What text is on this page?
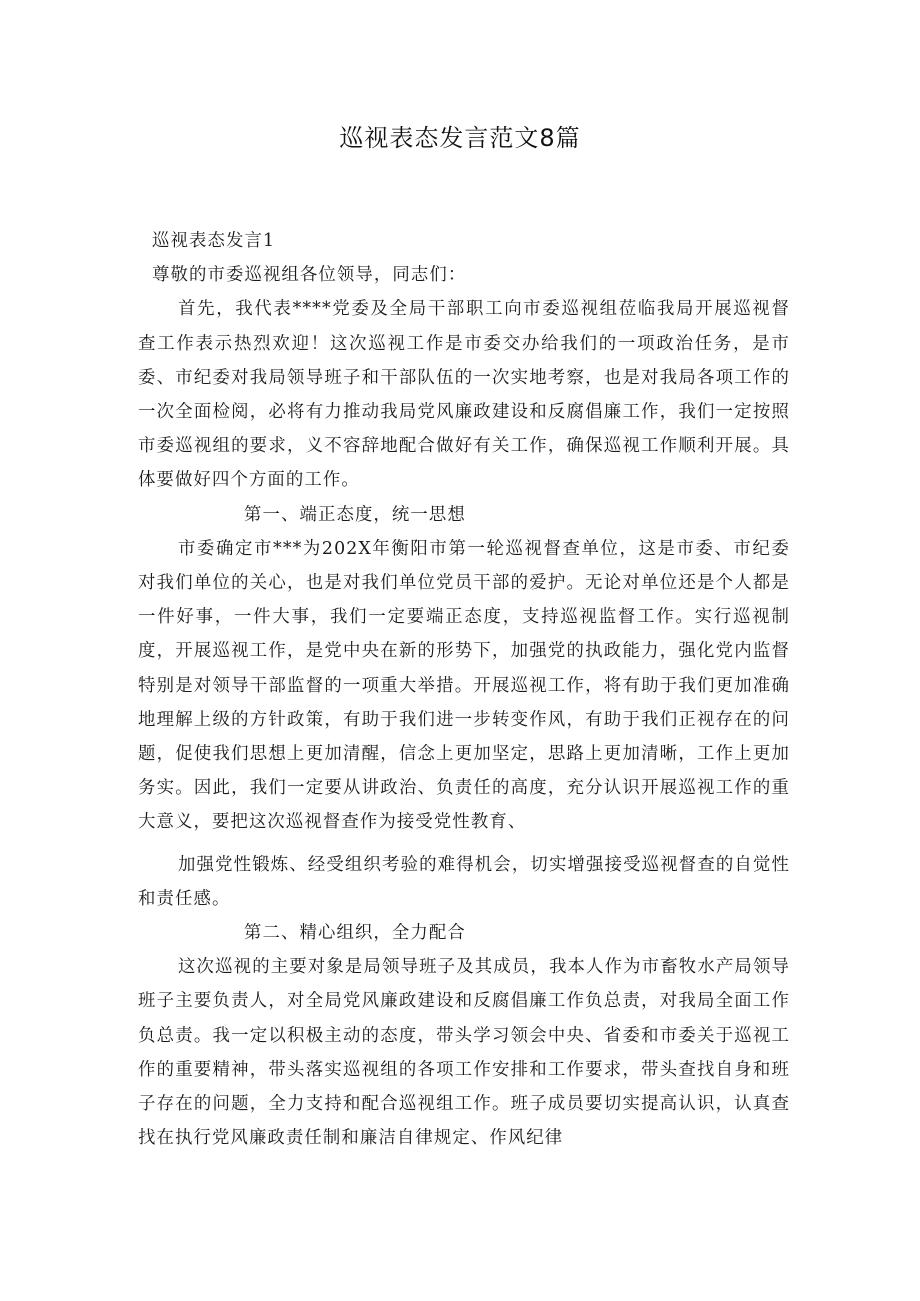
巡视表态发言范文8篇

巡视表态发言1

尊敬的市委巡视组各位领导，同志们：

首先，我代表****党委及全局干部职工向市委巡视组莅临我局开展巡视督查工作表示热烈欢迎！这次巡视工作是市委交办给我们的一项政治任务，是市委、市纪委对我局领导班子和干部队伍的一次实地考察，也是对我局各项工作的一次全面检阅，必将有力推动我局党风廉政建设和反腐倡廉工作，我们一定按照市委巡视组的要求，义不容辞地配合做好有关工作，确保巡视工作顺利开展。具体要做好四个方面的工作。

第一、端正态度，统一思想

市委确定市***为202X年衡阳市第一轮巡视督查单位，这是市委、市纪委对我们单位的关心，也是对我们单位党员干部的爱护。无论对单位还是个人都是一件好事，一件大事，我们一定要端正态度，支持巡视监督工作。实行巡视制度，开展巡视工作，是党中央在新的形势下，加强党的执政能力，强化党内监督特别是对领导干部监督的一项重大举措。开展巡视工作，将有助于我们更加准确地理解上级的方针政策，有助于我们进一步转变作风，有助于我们正视存在的问题，促使我们思想上更加清醒，信念上更加坚定，思路上更加清晰，工作上更加务实。因此，我们一定要从讲政治、负责任的高度，充分认识开展巡视工作的重大意义，要把这次巡视督查作为接受党性教育、

加强党性锻炼、经受组织考验的难得机会，切实增强接受巡视督查的自觉性和责任感。

第二、精心组织，全力配合

这次巡视的主要对象是局领导班子及其成员，我本人作为市畜牧水产局领导班子主要负责人，对全局党风廉政建设和反腐倡廉工作负总责，对我局全面工作负总责。我一定以积极主动的态度，带头学习领会中央、省委和市委关于巡视工作的重要精神，带头落实巡视组的各项工作安排和工作要求，带头查找自身和班子存在的问题，全力支持和配合巡视组工作。班子成员要切实提高认识，认真查找在执行党风廉政责任制和廉洁自律规定、作风纪律
